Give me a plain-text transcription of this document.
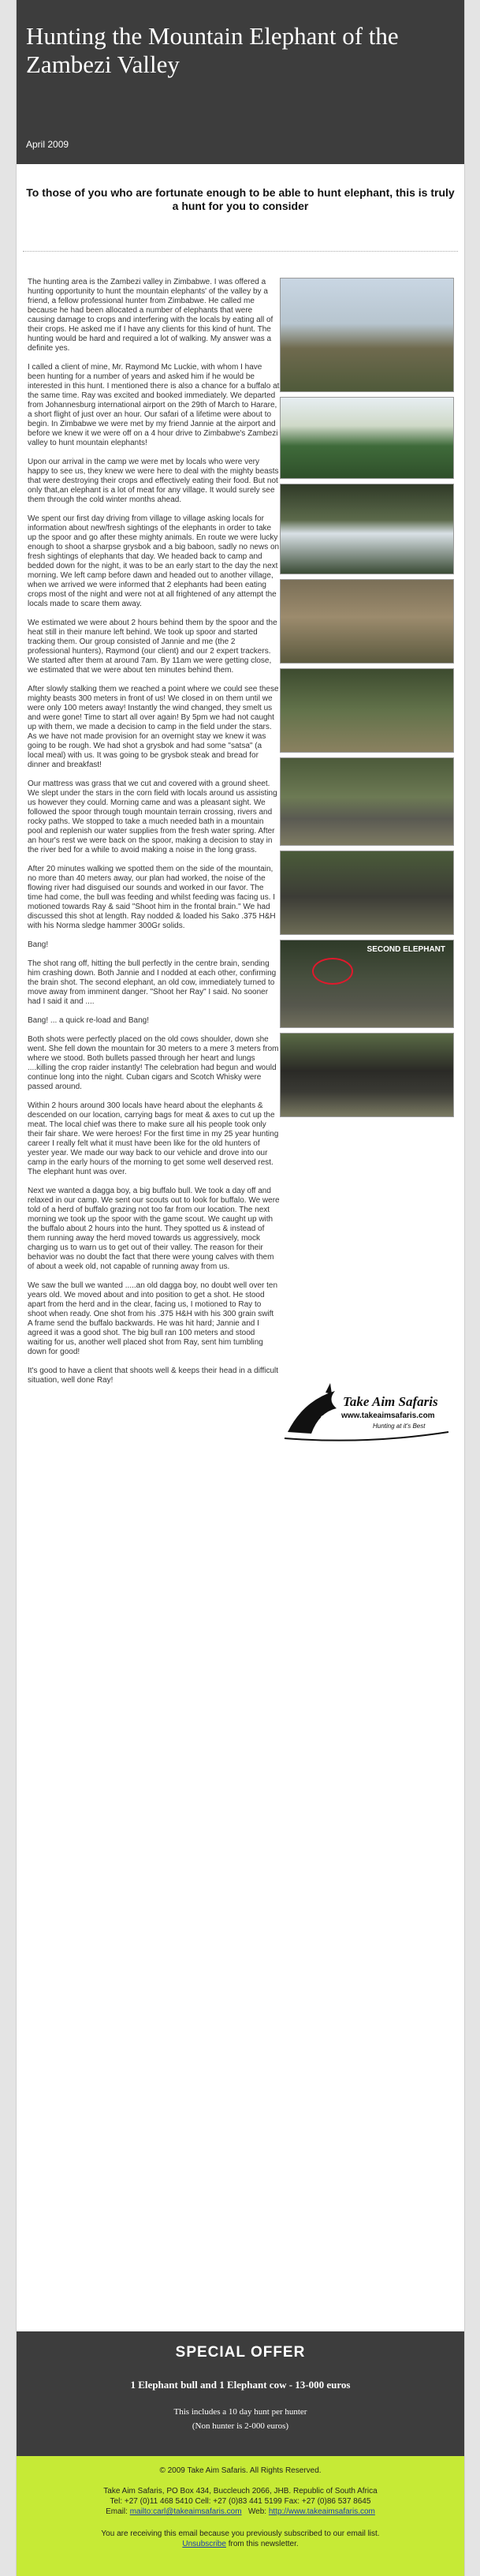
Hunting the Mountain Elephant of the Zambezi Valley
April 2009
To those of you who are fortunate enough to be able to hunt elephant, this is truly a hunt for you to consider

The hunting area is the Zambezi valley in Zimbabwe. I was offered a hunting opportunity to hunt the mountain elephants' of the valley by a friend, a fellow professional hunter from Zimbabwe. He called me because he had been allocated a number of elephants that were causing damage to crops and interfering with the locals by eating all of their crops. He asked me if I have any clients for this kind of hunt. The hunting would be hard and required a lot of walking. My answer was a definite yes.

I called a client of mine, Mr. Raymond Mc Luckie, with whom I have been hunting for a number of years and asked him if he would be interested in this hunt. I mentioned there is also a chance for a buffalo at the same time. Ray was excited and booked immediately. We departed from Johannesburg international airport on the 29th of March to Harare, a short flight of just over an hour. Our safari of a lifetime were about to begin. In Zimbabwe we were met by my friend Jannie at the airport and before we knew it we were off on a 4 hour drive to Zimbabwe's Zambezi valley to hunt mountain elephants!

Upon our arrival in the camp we were met by locals who were very happy to see us, they knew we were here to deal with the mighty beasts that were destroying their crops and effectively eating their food. But not only that,an elephant is a lot of meat for any village. It would surely see them through the cold winter months ahead.

We spent our first day driving from village to village asking locals for information about new/fresh sightings of the elephants in order to take up the spoor and go after these mighty animals. En route we were lucky enough to shoot a sharpse grysbok and a big baboon, sadly no news on fresh sightings of elephants that day. We headed back to camp and bedded down for the night, it was to be an early start to the day the next morning. We left camp before dawn and headed out to another village, when we arrived we were informed that 2 elephants had been eating crops most of the night and were not at all frightened of any attempt the locals made to scare them away.

We estimated we were about 2 hours behind them by the spoor and the heat still in their manure left behind. We took up spoor and started tracking them. Our group consisted of Jannie and me (the 2 professional hunters), Raymond (our client) and our 2 expert trackers. We started after them at around 7am. By 11am we were getting close, we estimated that we were about ten minutes behind them.

After slowly stalking them we reached a point where we could see these mighty beasts 300 meters in front of us! We closed in on them until we were only 100 meters away! Instantly the wind changed, they smelt us and were gone! Time to start all over again! By 5pm we had not caught up with them, we made a decision to camp in the field under the stars. As we have not made provision for an overnight stay we knew it was going to be rough. We had shot a grysbok and had some "satsa" (a local meal) with us. It was going to be grysbok steak and bread for dinner and breakfast!

Our mattress was grass that we cut and covered with a ground sheet. We slept under the stars in the corn field with locals around us assisting us however they could. Morning came and was a pleasant sight. We followed the spoor through tough mountain terrain crossing, rivers and rocky paths. We stopped to take a much needed bath in a mountain pool and replenish our water supplies from the fresh water spring. After an hour's rest we were back on the spoor, making a decision to stay in the river bed for a while to avoid making a noise in the long grass.

After 20 minutes walking we spotted them on the side of the mountain, no more than 40 meters away, our plan had worked, the noise of the flowing river had disguised our sounds and worked in our favor. The time had come, the bull was feeding and whilst feeding was facing us. I motioned towards Ray & said "Shoot him in the frontal brain." We had discussed this shot at length. Ray nodded & loaded his Sako .375 H&H with his Norma sledge hammer 300Gr solids.

Bang!

The shot rang off, hitting the bull perfectly in the centre brain, sending him crashing down. Both Jannie and I nodded at each other, confirming the brain shot. The second elephant, an old cow, immediately turned to move away from imminent danger. "Shoot her Ray" I said. No sooner had I said it and ....

Bang! ... a quick re-load and Bang!

Both shots were perfectly placed on the old cows shoulder, down she went. She fell down the mountain for 30 meters to a mere 3 meters from where we stood. Both bullets passed through her heart and lungs ....killing the crop raider instantly! The celebration had begun and would continue long into the night. Cuban cigars and Scotch Whisky were passed around.

Within 2 hours around 300 locals have heard about the elephants & descended on our location, carrying bags for meat & axes to cut up the meat. The local chief was there to make sure all his people took only their fair share. We were heroes! For the first time in my 25 year hunting career I really felt what it must have been like for the old hunters of yester year. We made our way back to our vehicle and drove into our camp in the early hours of the morning to get some well deserved rest. The elephant hunt was over.

Next we wanted a dagga boy, a big buffalo bull. We took a day off and relaxed in our camp. We sent our scouts out to look for buffalo. We were told of a herd of buffalo grazing not too far from our location. The next morning we took up the spoor with the game scout. We caught up with the buffalo about 2 hours into the hunt. They spotted us & instead of them running away the herd moved towards us aggressively, mock charging us to warn us to get out of their valley. The reason for their behavior was no doubt the fact that there were young calves with them of about a week old, not capable of running away from us.

We saw the bull we wanted .....an old dagga boy, no doubt well over ten years old. We moved about and into position to get a shot. He stood apart from the herd and in the clear, facing us, I motioned to Ray to shoot when ready. One shot from his .375 H&H with his 300 grain swift A frame send the buffalo backwards. He was hit hard; Jannie and I agreed it was a good shot. The big bull ran 100 meters and stood waiting for us, another well placed shot from Ray, sent him tumbling down for good!

It's good to have a client that shoots well & keeps their head in a difficult situation, well done Ray!

SECOND ELEPHANT
Take Aim Safaris
www.takeaimsafaris.com
Hunting at it's Best
SPECIAL OFFER
1 Elephant bull and 1 Elephant cow - 13-000 euros
This includes a 10 day hunt per hunter
(Non hunter is 2-000 euros)
© 2009 Take Aim Safaris. All Rights Reserved.
Take Aim Safaris, PO Box 434, Buccleuch 2066, JHB. Republic of South Africa
Tel: +27 (0)11 468 5410 Cell: +27 (0)83 441 5199 Fax: +27 (0)86 537 8645
Email: mailto:carl@takeaimsafaris.com Web: http://www.takeaimsafaris.com
You are receiving this email because you previously subscribed to our email list.
Unsubscribe from this newsletter.
